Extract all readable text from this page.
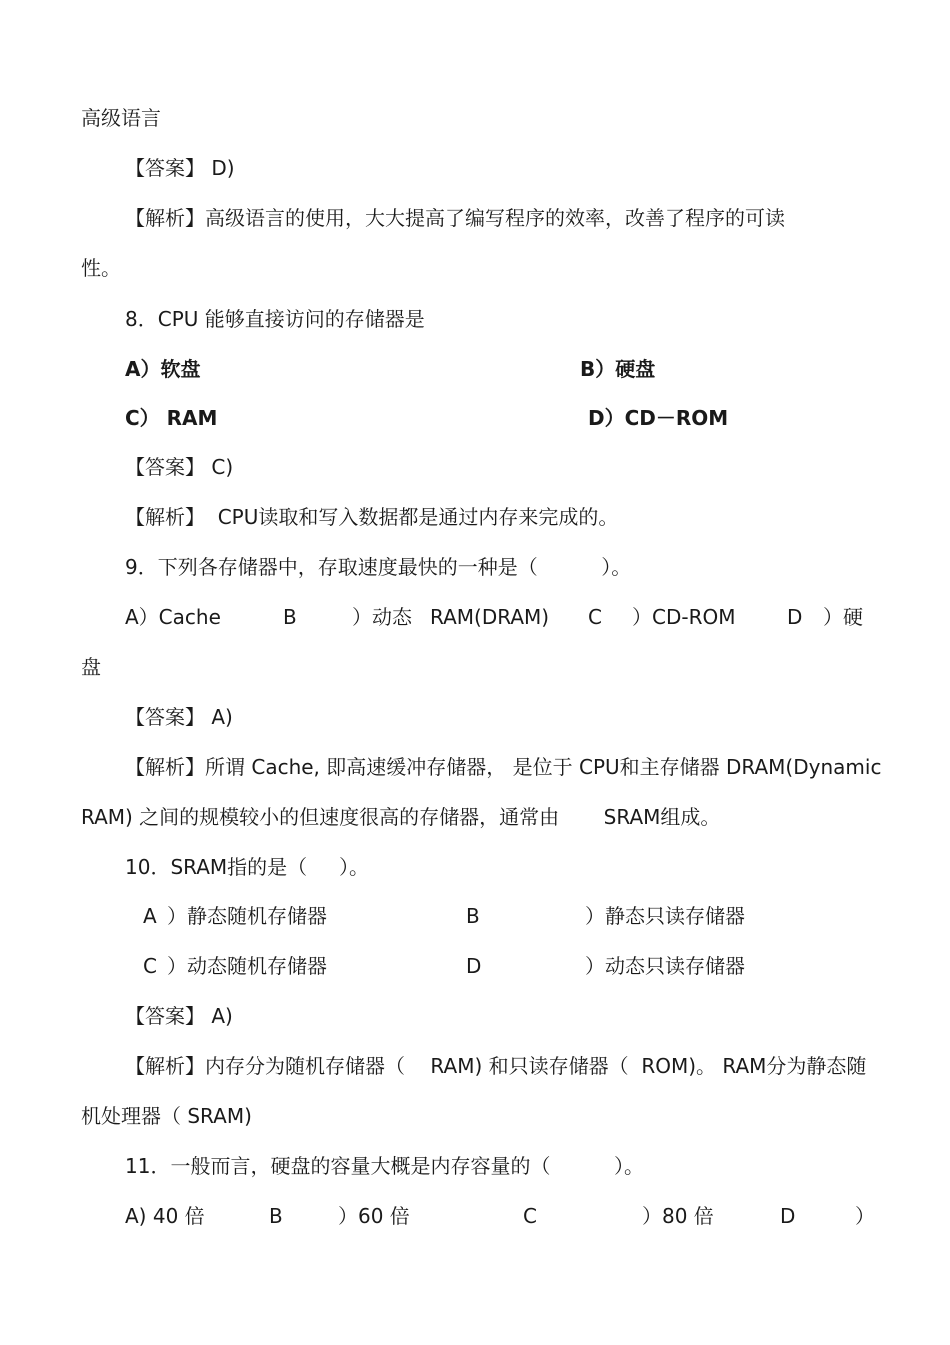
高级语言
【答案】 D)
【解析】高级语言的使用，大大提高了编写程序的效率，改善了程序的可读
性。
8．CPU 能够直接访问的存储器是
A）软盘	B）硬盘
C） RAM	D）CD－ROM
【答案】 C)
【解析】  CPU读取和写入数据都是通过内存来完成的。
9．下列各存储器中，存取速度最快的一种是（          ）。
A）Cache	B	）动态 RAM(DRAM) C ）CD-ROM	D ）硬
盘
【答案】 A)
【解析】所谓 Cache, 即高速缓冲存储器， 是位于 CPU和主存储器 DRAM(Dynamic
RAM) 之间的规模较小的但速度很高的存储器，通常由       SRAM组成。
10．SRAM指的是（     ）。
A ）静态随机存储器	B	）静态只读存储器
C ）动态随机存储器	D	）动态只读存储器
【答案】 A)
【解析】内存分为随机存储器（    RAM) 和只读存储器（  ROM)。 RAM分为静态随
机处理器（ SRAM)
11．一般而言，硬盘的容量大概是内存容量的（          ）。
A) 40 倍	B	）60 倍	C	）80 倍	D	）
